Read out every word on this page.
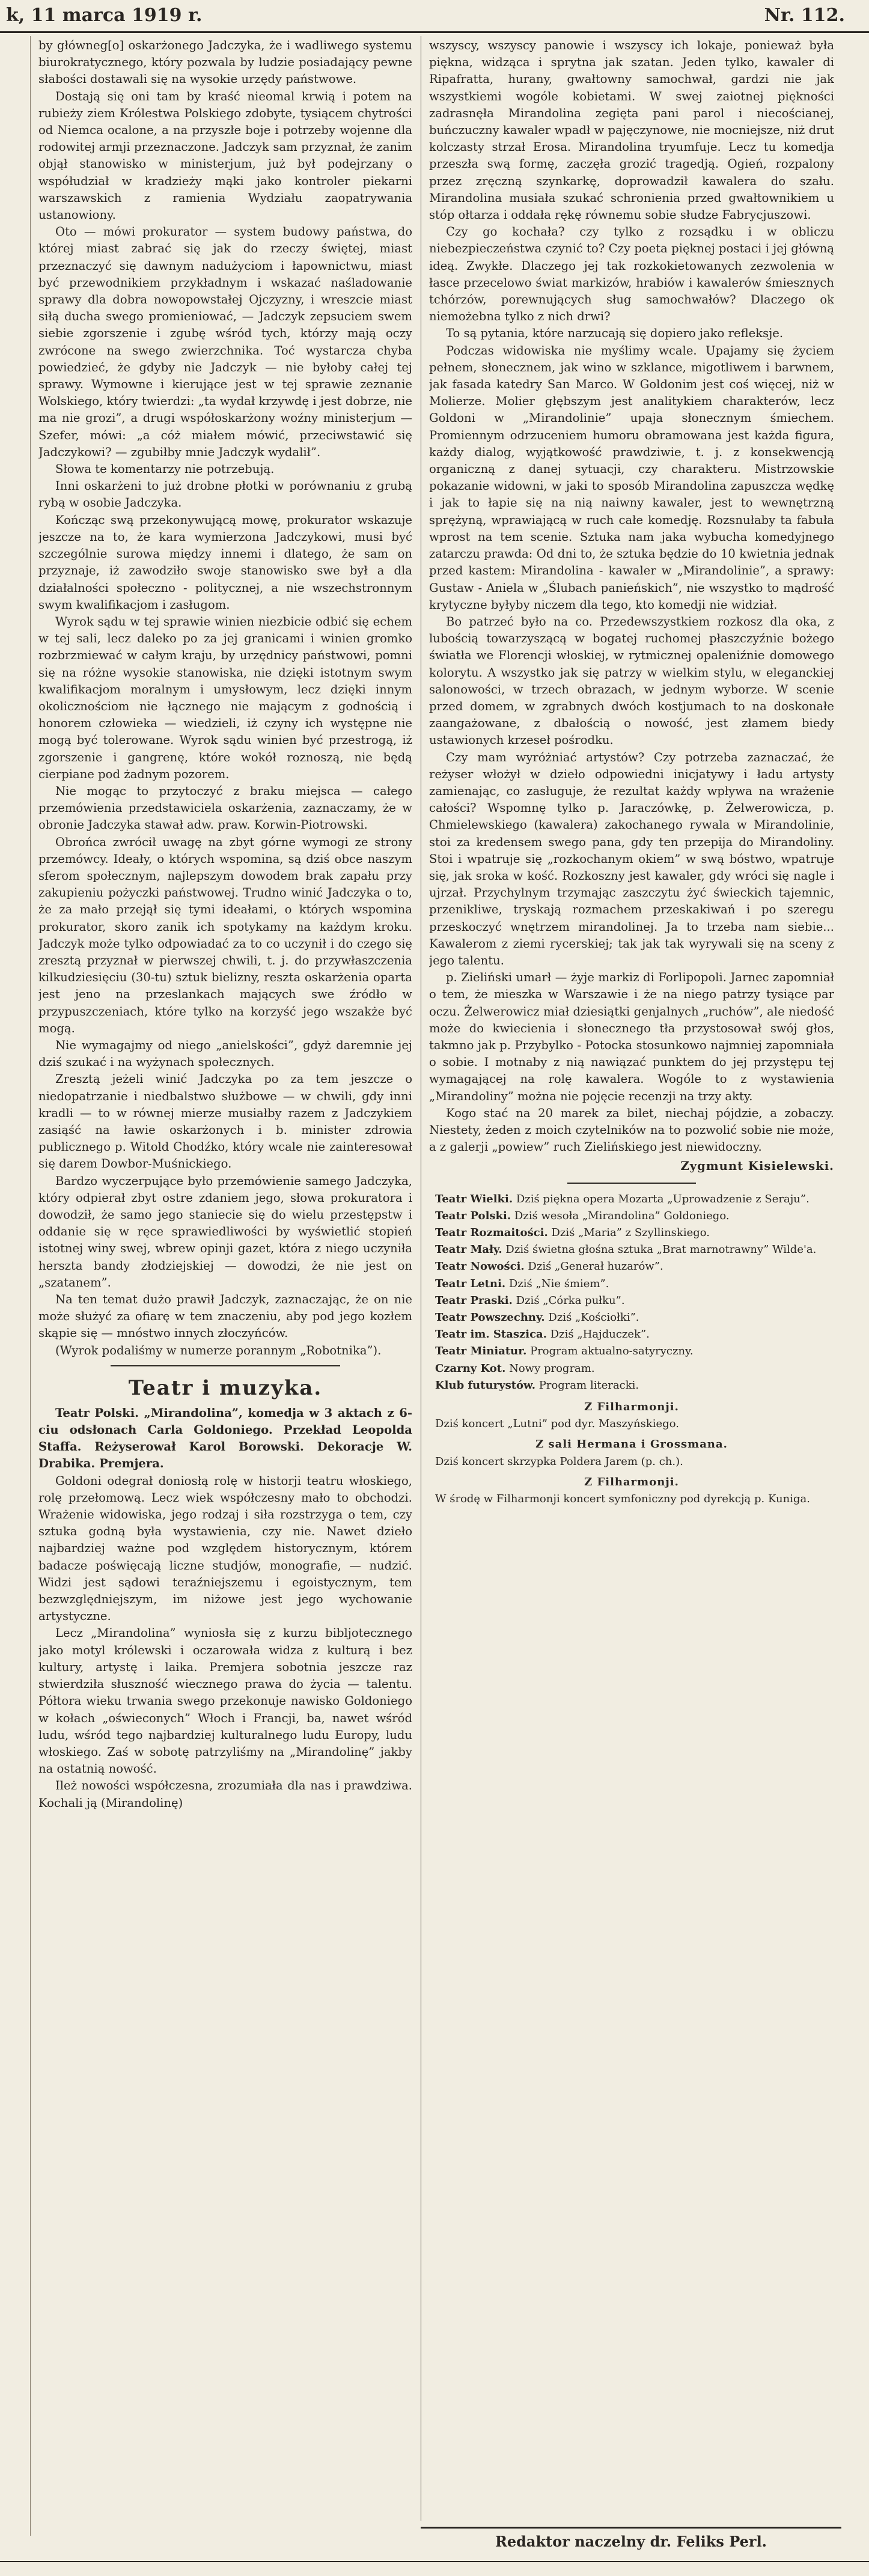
k, 11 marca 1919 r.	Nr. 112.

by główneg[o] oskarżonego Jadczyka, że i wadliwego systemu biurokratycznego, który pozwala by ludzie posiadający pewne słabości dostawali się na wysokie urzędy państwowe.

Dostają się oni tam by kraść nieomal krwią i potem na rubieży ziem Królestwa Polskiego zdobyte, tysiącem chytrości od Niemca ocalone, a na przyszłe boje i potrzeby wojenne dla rodowitej armji przeznaczone. Jadczyk sam przyznał, że zanim objął stanowisko w ministerjum, już był podejrzany o współudział w kradzieży mąki jako kontroler piekarni warszawskich z ramienia Wydziału zaopatrywania ustanowiony.

Oto — mówi prokurator — system budowy państwa, do której miast zabrać się jak do rzeczy świętej, miast przeznaczyć się dawnym nadużyciom i łapownictwu, miast być przewodnikiem przykładnym i wskazać naśladowanie sprawy dla dobra nowopowstałej Ojczyzny, i wreszcie miast siłą ducha swego promieniować, — Jadczyk zepsuciem swem siebie zgorszenie i zgubę wśród tych, którzy mają oczy zwrócone na swego zwierzchnika. Toć wystarcza chyba powiedzieć, że gdyby nie Jadczyk — nie byłoby całej tej sprawy. Wymowne i kierujące jest w tej sprawie zeznanie Wolskiego, który twierdzi: „ta wydał krzywdę i jest dobrze, nie ma nie grozi”, a drugi współoskarżony woźny ministerjum — Szefer, mówi: „a cóż miałem mówić, przeciwstawić się Jadczykowi? — zgubiłby mnie Jadczyk wydalił”.

Słowa te komentarzy nie potrzebują.

Inni oskarżeni to już drobne płotki w porównaniu z grubą rybą w osobie Jadczyka.

Kończąc swą przekonywującą mowę, prokurator wskazuje jeszcze na to, że kara wymierzona Jadczykowi, musi być szczególnie surowa między innemi i dlatego, że sam on przyznaje, iż zawodziło swoje stanowisko swe był a dla działalności społeczno - politycznej, a nie wszechstronnym swym kwalifikacjom i zasługom.

Wyrok sądu w tej sprawie winien niezbicie odbić się echem w tej sali, lecz daleko po za jej granicami i winien gromko rozbrzmiewać w całym kraju, by urzędnicy państwowi, pomni się na różne wysokie stanowiska, nie dzięki istotnym swym kwalifikacjom moralnym i umysłowym, lecz dzięki innym okolicznościom nie łącznego nie mającym z godnością i honorem człowieka — wiedzieli, iż czyny ich występne nie mogą być tolerowane. Wyrok sądu winien być przestrogą, iż zgorszenie i gangrenę, które wokół roznoszą, nie będą cierpiane pod żadnym pozorem.

Nie mogąc to przytoczyć z braku miejsca — całego przemówienia przedstawiciela oskarżenia, zaznaczamy, że w obronie Jadczyka stawał adw. praw. Korwin-Piotrowski.

Obrońca zwrócił uwagę na zbyt górne wymogi ze strony przemówcy. Ideały, o których wspomina, są dziś obce naszym sferom społecznym, najlepszym dowodem brak zapału przy zakupieniu pożyczki państwowej. Trudno winić Jadczyka o to, że za mało przejął się tymi ideałami, o których wspomina prokurator, skoro zanik ich spotykamy na każdym kroku. Jadczyk może tylko odpowiadać za to co uczynił i do czego się zresztą przyznał w pierwszej chwili, t. j. do przywłaszczenia kilkudziesięciu (30-tu) sztuk bielizny, reszta oskarżenia oparta jest jeno na przeslankach mających swe źródło w przypuszczeniach, które tylko na korzyść jego wszakże być mogą.

Nie wymagajmy od niego „anielskości”, gdyż daremnie jej dziś szukać i na wyżynach społecznych.

Zresztą jeżeli winić Jadczyka po za tem jeszcze o niedopatrzanie i niedbalstwo służbowe — w chwili, gdy inni kradli — to w równej mierze musiałby razem z Jadczykiem zasiąść na ławie oskarżonych i b. minister zdrowia publicznego p. Witold Chodźko, który wcale nie zainteresował się darem Dowbor-Muśnickiego.

Bardzo wyczerpujące było przemówienie samego Jadczyka, który odpierał zbyt ostre zdaniem jego, słowa prokuratora i dowodził, że samo jego staniecie się do wielu przestępstw i oddanie się w ręce sprawiedliwości by wyświetlić stopień istotnej winy swej, wbrew opinji gazet, która z niego uczyniła herszta bandy złodziejskiej — dowodzi, że nie jest on „szatanem”.

Na ten temat dużo prawił Jadczyk, zaznaczając, że on nie może służyć za ofiarę w tem znaczeniu, aby pod jego kozłem skąpie się — mnóstwo innych złoczyńców.

(Wyrok podaliśmy w numerze porannym „Robotnika”).

Teatr i muzyka.

Teatr Polski. „Mirandolina”, komedja w 3 aktach z 6-ciu odsłonach Carla Goldoniego. Przekład Leopolda Staffa. Reżyserował Karol Borowski. Dekoracje W. Drabika. Premjera.

Goldoni odegrał doniosłą rolę w historji teatru włoskiego, rolę przełomową. Lecz wiek współczesny mało to obchodzi. Wrażenie widowiska, jego rodzaj i siła rozstrzyga o tem, czy sztuka godną była wystawienia, czy nie. Nawet dzieło najbardziej ważne pod względem historycznym, którem badacze poświęcają liczne studjów, monografie, — nudzić. Widzi jest sądowi teraźniejszemu i egoistycznym, tem bezwzględniejszym, im niżowe jest jego wychowanie artystyczne.

Lecz „Mirandolina” wyniosła się z kurzu bibljotecznego jako motyl królewski i oczarowała widza z kulturą i bez kultury, artystę i laika. Premjera sobotnia jeszcze raz stwierdziła słuszność wiecznego prawa do życia — talentu. Półtora wieku trwania swego przekonuje nawisko Goldoniego w kołach „oświeconych” Włoch i Francji, ba, nawet wśród ludu, wśród tego najbardziej kulturalnego ludu Europy, ludu włoskiego. Zaś w sobotę patrzyliśmy na „Mirandolinę” jakby na ostatnią nowość.

Ileż nowości współczesna, zrozumiała dla nas i prawdziwa. Kochali ją (Mirandolinę)

wszyscy, wszyscy panowie i wszyscy ich lokaje, ponieważ była piękna, widząca i sprytna jak szatan. Jeden tylko, kawaler di Ripafratta, hurany, gwałtowny samochwał, gardzi nie jak wszystkiemi wogóle kobietami. W swej zaiotnej piękności zadrasnęła Mirandolina zegięta pani parol i niecościanej, buńczuczny kawaler wpadł w pajęczynowe, nie mocniejsze, niż drut kolczasty strzał Erosa. Mirandolina tryumfuje. Lecz tu komedja przeszła swą formę, zaczęła grozić tragedją. Ogień, rozpalony przez zręczną szynkarkę, doprowadził kawalera do szału. Mirandolina musiała szukać schronienia przed gwałtownikiem u stóp ołtarza i oddała rękę równemu sobie słudze Fabrycjuszowi.

Czy go kochała? czy tylko z rozsądku i w obliczu niebezpieczeństwa czynić to? Czy poeta pięknej postaci i jej główną ideą. Zwykłe. Dlaczego jej tak rozkokietowanych zezwolenia w łasce przecelowo świat markizów, hrabiów i kawalerów śmiesznych tchórzów, porewnujących sług samochwałów? Dlaczego ok niemożebna tylko z nich drwi?

To są pytania, które narzucają się dopiero jako refleksje.

Podczas widowiska nie myślimy wcale. Upajamy się życiem pełnem, słonecznem, jak wino w szklance, migotliwem i barwnem, jak fasada katedry San Marco. W Goldonim jest coś więcej, niż w Molierze. Molier głębszym jest analitykiem charakterów, lecz Goldoni w „Mirandolinie” upaja słonecznym śmiechem. Promiennym odrzuceniem humoru obramowana jest każda figura, każdy dialog, wyjątkowość prawdziwie, t. j. z konsekwencją organiczną z danej sytuacji, czy charakteru. Mistrzowskie pokazanie widowni, w jaki to sposób Mirandolina zapuszcza wędkę i jak to łapie się na nią naiwny kawaler, jest to wewnętrzną sprężyną, wprawiającą w ruch całe komedję. Rozsnułaby ta fabuła wprost na tem scenie. Sztuka nam jaka wybucha komedyjnego zatarczu prawda: Od dni to, że sztuka będzie do 10 kwietnia jednak przed kastem: Mirandolina - kawaler w „Mirandolinie”, a sprawy: Gustaw - Aniela w „Ślubach panieńskich”, nie wszystko to mądrość krytyczne byłyby niczem dla tego, kto komedji nie widział.

Bo patrzeć było na co. Przedewszystkiem rozkosz dla oka, z lubością towarzyszącą w bogatej ruchomej płaszczyźnie bożego światła we Florencji włoskiej, w rytmicznej opaleniźnie domowego kolorytu. A wszystko jak się patrzy w wielkim stylu, w eleganckiej salonowości, w trzech obrazach, w jednym wyborze. W scenie przed domem, w zgrabnych dwóch kostjumach to na doskonałe zaangażowane, z dbałością o nowość, jest złamem biedy ustawionych krzeseł pośrodku.

Czy mam wyróżniać artystów? Czy potrzeba zaznaczać, że reżyser włożył w dzieło odpowiedni inicjatywy i ładu artysty zamienając, co zasługuje, że rezultat każdy wpływa na wrażenie całości? Wspomnę tylko p. Jaraczówkę, p. Żelwerowicza, p. Chmielewskiego (kawalera) zakochanego rywala w Mirandolinie, stoi za kredensem swego pana, gdy ten przepija do Mirandoliny. Stoi i wpatruje się „rozkochanym okiem” w swą bóstwo, wpatruje się, jak sroka w kość. Rozkoszny jest kawaler, gdy wróci się nagle i ujrzał. Przychylnym trzymając zaszczytu żyć świeckich tajemnic, przenikliwe, tryskają rozmachem przeskakiwań i po szeregu przeskoczyć wnętrzem mirandolinej. Ja to trzeba nam siebie... Kawalerom z ziemi rycerskiej; tak jak tak wyrywali się na sceny z jego talentu.

p. Zieliński umarł — żyje markiz di Forlipopoli. Jarnec zapomniał o tem, że mieszka w Warszawie i że na niego patrzy tysiące par oczu. Żelwerowicz miał dziesiątki genjalnych „ruchów”, ale niedość może do kwiecienia i słonecznego tła przystosował swój głos, takmno jak p. Przybylko - Potocka stosunkowo najmniej zapomniała o sobie. I motnaby z nią nawiązać punktem do jej przystępu tej wymagającej na rolę kawalera. Wogóle to z wystawienia „Mirandoliny” można nie pojęcie recenzji na trzy akty.

Kogo stać na 20 marek za bilet, niechaj pójdzie, a zobaczy. Niestety, żeden z moich czytelników na to pozwolić sobie nie może, a z galerji „powiew” ruch Zielińskiego jest niewidoczny.

Zygmunt Kisielewski.

Teatr Wielki. Dziś piękna opera Mozarta „Uprowadzenie z Seraju”.

Teatr Polski. Dziś wesoła „Mirandolina” Goldoniego.

Teatr Rozmaitości. Dziś „Maria” z Szyllinskiego.

Teatr Mały. Dziś świetna głośna sztuka „Brat marnotrawny” Wilde'a.

Teatr Nowości. Dziś „Generał huzarów”.

Teatr Letni. Dziś „Nie śmiem”.

Teatr Praski. Dziś „Córka pułku”.

Teatr Powszechny. Dziś „Kościołki”.

Teatr im. Staszica. Dziś „Hajduczek”.

Teatr Miniatur. Program aktualno-satyryczny.

Czarny Kot. Nowy program.

Klub futurystów. Program literacki.

Z Filharmonji.

Dziś koncert „Lutni” pod dyr. Maszyńskiego.

Z sali Hermana i Grossmana.

Dziś koncert skrzypka Poldera Jarem (p. ch.).

Z Filharmonji.

W środę w Filharmonji koncert symfoniczny pod dyrekcją p. Kuniga.

Redaktor naczelny dr. Feliks Perl.
